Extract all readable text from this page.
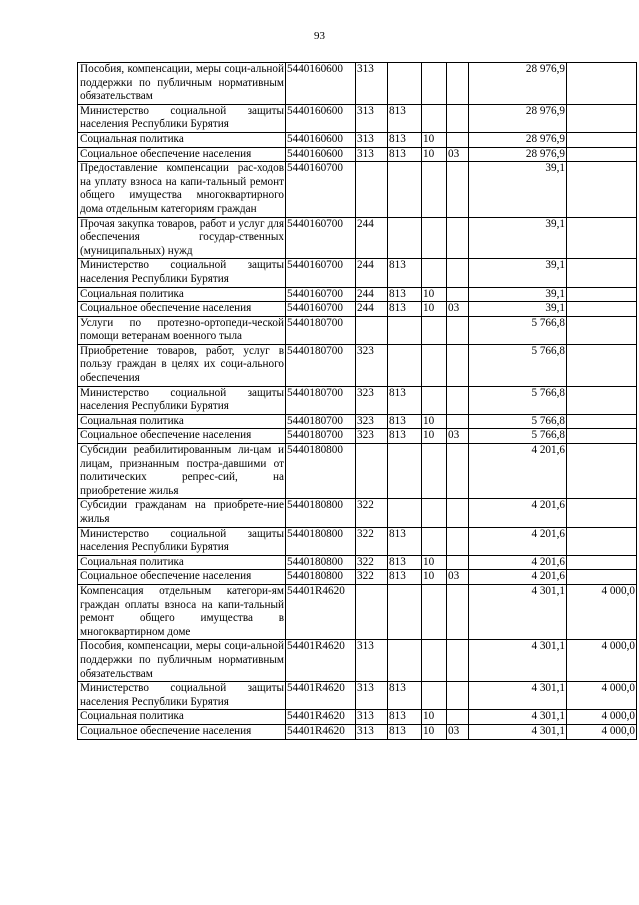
93
Пособия, компенсации, меры соци-альной поддержки по публичным нормативным обязательствам	5440160600	313				28 976,9	
Министерство социальной защиты населения Республики Бурятия	5440160600	313	813			28 976,9	
Социальная политика	5440160600	313	813	10		28 976,9	
Социальное обеспечение населения	5440160600	313	813	10	03	28 976,9	
Предоставление компенсации рас-ходов на уплату взноса на капи-тальный ремонт общего имущества многоквартирного дома отдельным категориям граждан	5440160700					39,1	
Прочая закупка товаров, работ и услуг для обеспечения государ-ственных (муниципальных) нужд	5440160700	244				39,1	
Министерство социальной защиты населения Республики Бурятия	5440160700	244	813			39,1	
Социальная политика	5440160700	244	813	10		39,1	
Социальное обеспечение населения	5440160700	244	813	10	03	39,1	
Услуги по протезно-ортопеди-ческой помощи ветеранам военного тыла	5440180700					5 766,8	
Приобретение товаров, работ, услуг в пользу граждан в целях их соци-ального обеспечения	5440180700	323				5 766,8	
Министерство социальной защиты населения Республики Бурятия	5440180700	323	813			5 766,8	
Социальная политика	5440180700	323	813	10		5 766,8	
Социальное обеспечение населения	5440180700	323	813	10	03	5 766,8	
Субсидии реабилитированным ли-цам и лицам, признанным постра-давшими от политических репрес-сий, на приобретение жилья	5440180800					4 201,6	
Субсидии гражданам на приобрете-ние жилья	5440180800	322				4 201,6	
Министерство социальной защиты населения Республики Бурятия	5440180800	322	813			4 201,6	
Социальная политика	5440180800	322	813	10		4 201,6	
Социальное обеспечение населения	5440180800	322	813	10	03	4 201,6	
Компенсация отдельным категори-ям граждан оплаты взноса на капи-тальный ремонт общего имущества в многоквартирном доме	54401R4620					4 301,1	4 000,0
Пособия, компенсации, меры соци-альной поддержки по публичным нормативным обязательствам	54401R4620	313				4 301,1	4 000,0
Министерство социальной защиты населения Республики Бурятия	54401R4620	313	813			4 301,1	4 000,0
Социальная политика	54401R4620	313	813	10		4 301,1	4 000,0
Социальное обеспечение населения	54401R4620	313	813	10	03	4 301,1	4 000,0
